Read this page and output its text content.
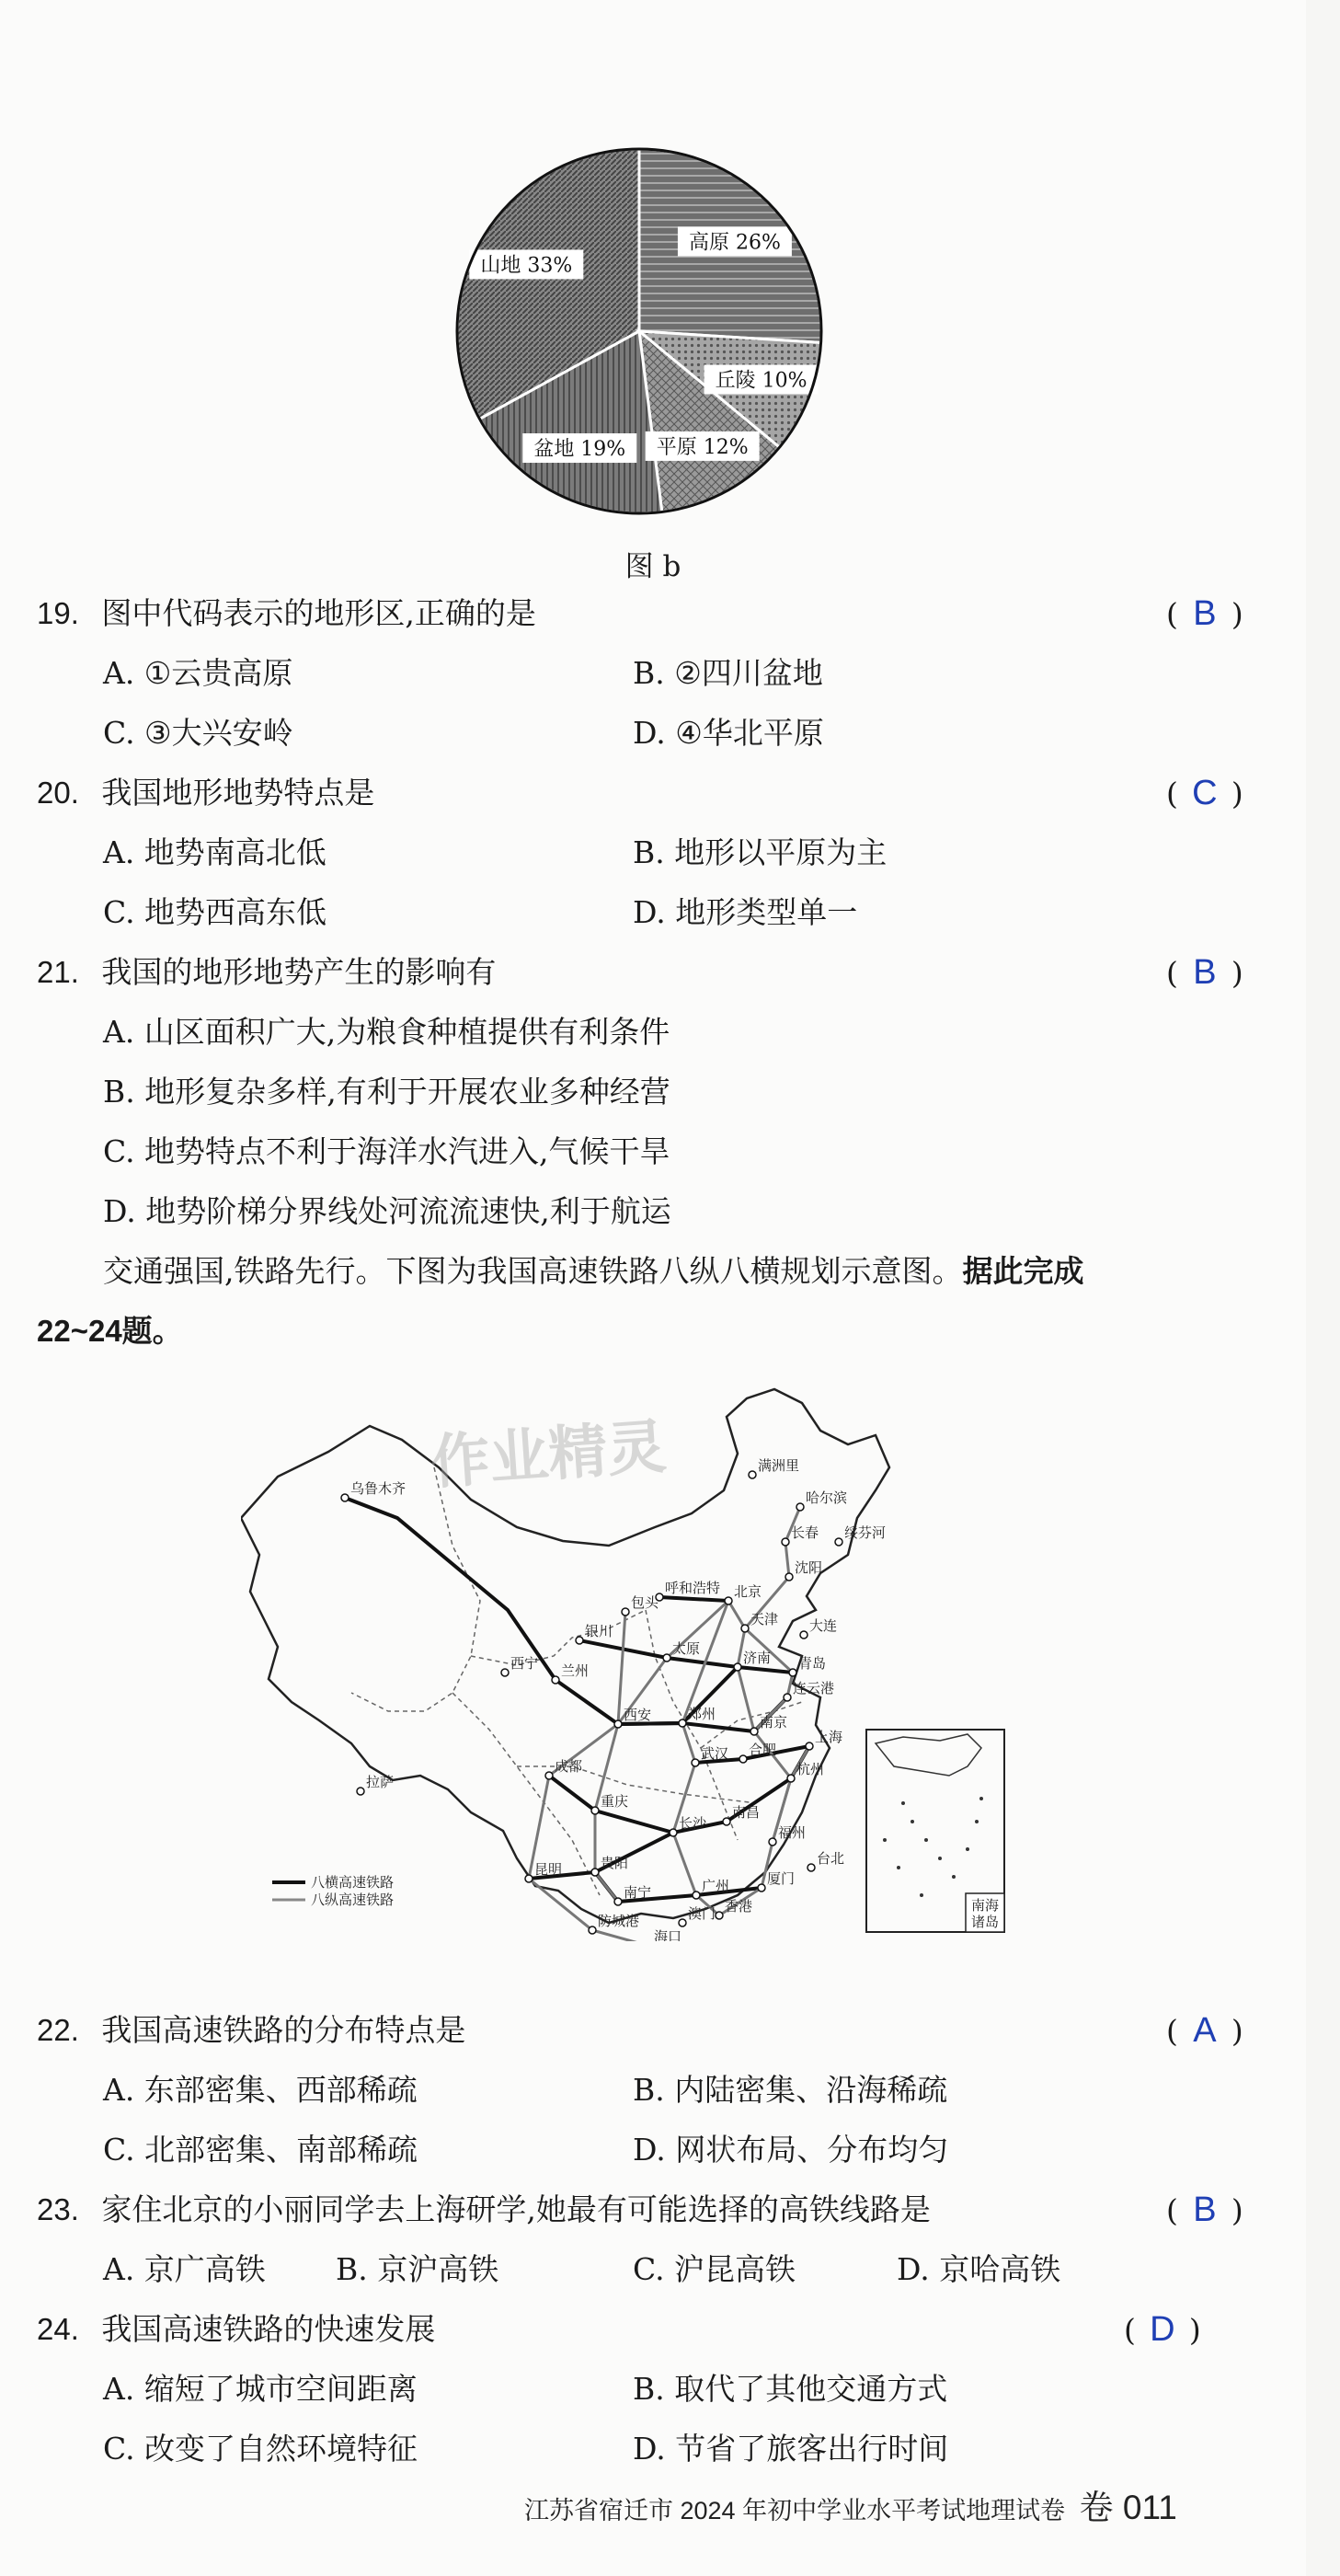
山地 33%
高原 26%
丘陵 10%
平原 12%
盆地 19%
图 b
19. 图中代码表示的地形区,正确的是	( B )
A. ①云贵高原	B. ②四川盆地
C. ③大兴安岭	D. ④华北平原
20. 我国地形地势特点是	( C )
A. 地势南高北低	B. 地形以平原为主
C. 地势西高东低	D. 地形类型单一
21. 我国的地形地势产生的影响有	( B )
A. 山区面积广大,为粮食种植提供有利条件
B. 地形复杂多样,有利于开展农业多种经营
C. 地势特点不利于海洋水汽进入,气候干旱
D. 地势阶梯分界线处河流流速快,利于航运
交通强国,铁路先行。下图为我国高速铁路八纵八横规划示意图。据此完成
22~24题。
乌鲁木齐
满洲里
哈尔滨
长春 绥芬河
沈阳
呼和浩特 北京
包头
天津 大连
银川
太原
济南 青岛
西宁 兰州
连云港
西安	郑州	南京
上海
合肥
武汉
杭州
成都
拉萨
重庆
长沙
南昌
福州
昆明	贵阳
广州
台北
南宁
厦门
香港
澳门
防城港
海口
八横高速铁路
八纵高速铁路	南海
诸岛
作业精灵
22. 我国高速铁路的分布特点是	( A )
A. 东部密集、西部稀疏	B. 内陆密集、沿海稀疏
C. 北部密集、南部稀疏	D. 网状布局、分布均匀
23. 家住北京的小丽同学去上海研学,她最有可能选择的高铁线路是	( B )
A. 京广高铁 B. 京沪高铁	C. 沪昆高铁	D. 京哈高铁
24. 我国高速铁路的快速发展	( D )
A. 缩短了城市空间距离	B. 取代了其他交通方式
C. 改变了自然环境特征	D. 节省了旅客出行时间
江苏省宿迁市 2024 年初中学业水平考试地理试卷 卷 011
